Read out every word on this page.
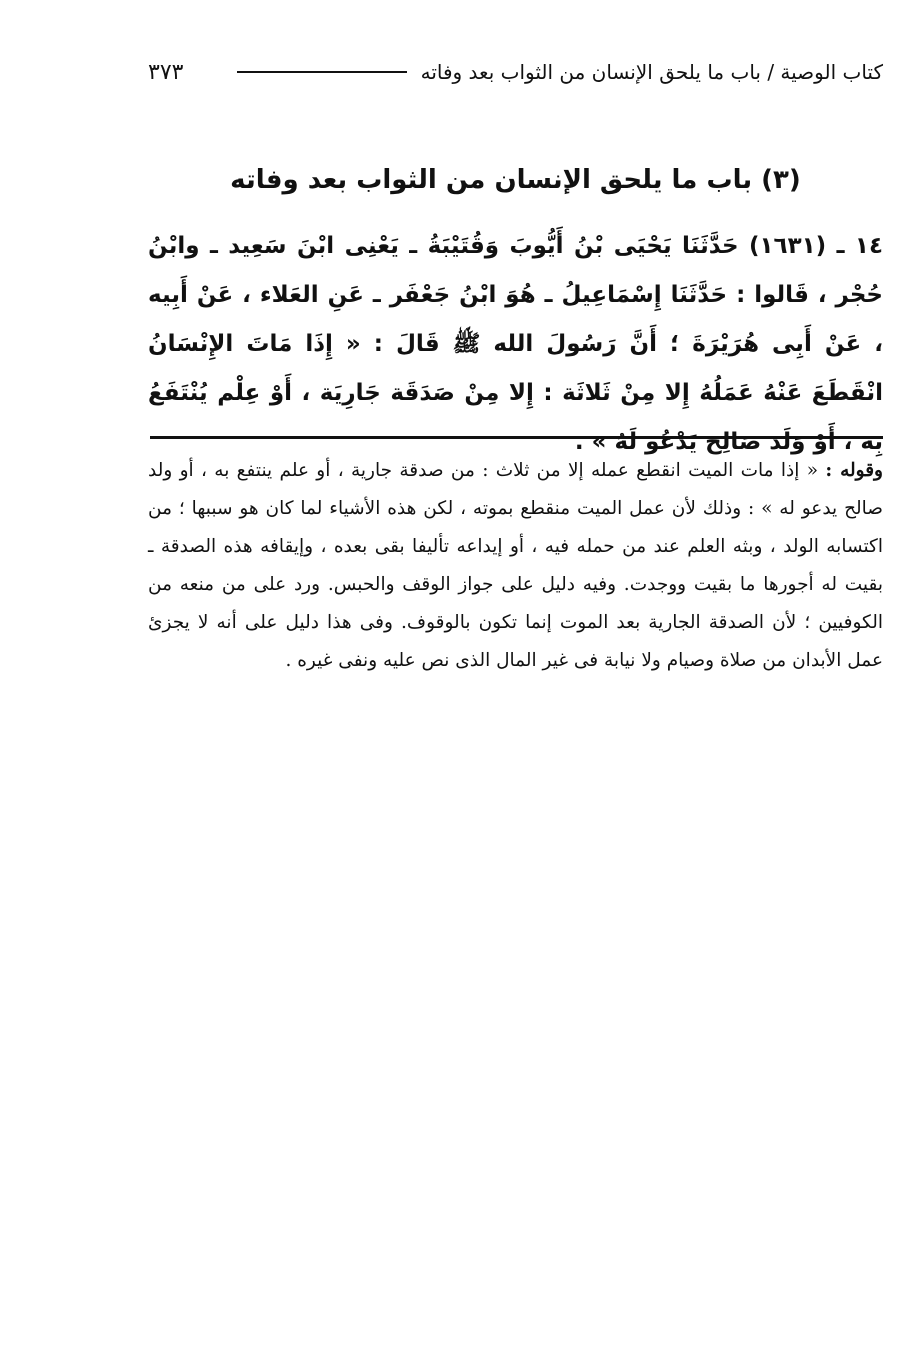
كتاب الوصية / باب ما يلحق الإنسان من الثواب بعد وفاته
٣٧٣
(٣) باب ما يلحق الإنسان من الثواب بعد وفاته
١٤ ـ (١٦٣١) حَدَّثَنَا يَحْيَى بْنُ أَيُّوبَ وَقُتَيْبَةُ ـ يَعْنِى ابْنَ سَعِيد ـ وابْنُ حُجْر ، قَالوا : حَدَّثَنَا إِسْمَاعِيلُ ـ هُوَ ابْنُ جَعْفَر ـ عَنِ العَلاء ، عَنْ أَبِيه ، عَنْ أَبِى هُرَيْرَةَ ؛ أَنَّ رَسُولَ الله ﷺ قَالَ : « إِذَا مَاتَ الإِنْسَانُ انْقَطَعَ عَنْهُ عَمَلُهُ إِلا مِنْ ثَلاثَة : إِلا مِنْ صَدَقَة جَارِيَة ، أَوْ عِلْم يُنْتَفَعُ بِه ، أَوْ وَلَد صَالِح يَدْعُو لَهُ » .
وقوله : « إذا مات الميت انقطع عمله إلا من ثلاث : من صدقة جارية ، أو علم ينتفع به ، أو ولد صالح يدعو له » : وذلك لأن عمل الميت منقطع بموته ، لكن هذه الأشياء لما كان هو سببها ؛ من اكتسابه الولد ، وبثه العلم عند من حمله فيه ، أو إيداعه تأليفا بقى بعده ، وإيقافه هذه الصدقة ـ بقيت له أجورها ما بقيت ووجدت. وفيه دليل على جواز الوقف والحبس. ورد على من منعه من الكوفيين ؛ لأن الصدقة الجارية بعد الموت إنما تكون بالوقوف. وفى هذا دليل على أنه لا يجزئ عمل الأبدان من صلاة وصيام ولا نيابة فى غير المال الذى نص عليه ونفى غيره .
